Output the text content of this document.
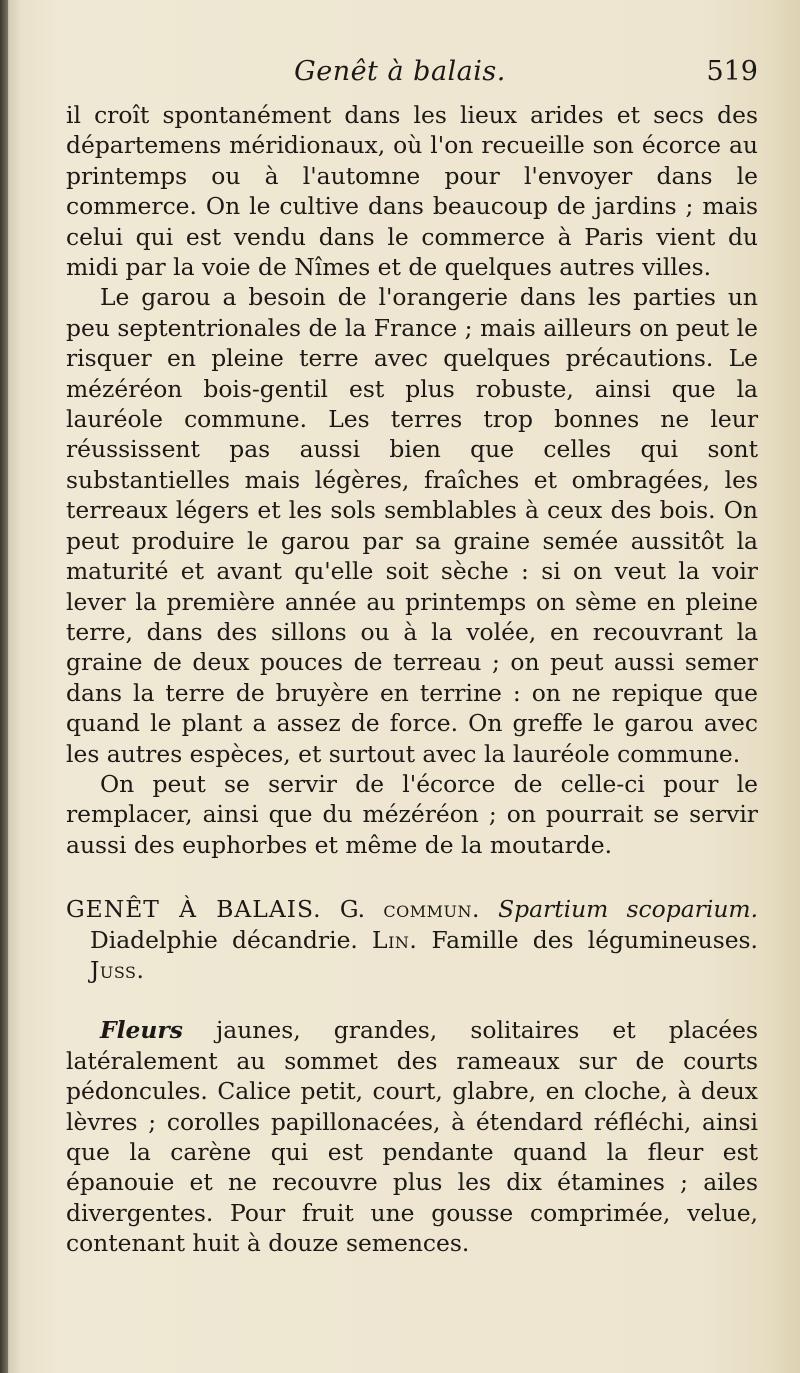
Genêt à balais.	519

il croît spontanément dans les lieux arides et secs des départemens méridionaux, où l'on recueille son écorce au printemps ou à l'automne pour l'envoyer dans le commerce. On le cultive dans beaucoup de jardins ; mais celui qui est vendu dans le commerce à Paris vient du midi par la voie de Nîmes et de quelques autres villes.

Le garou a besoin de l'orangerie dans les parties un peu septentrionales de la France ; mais ailleurs on peut le risquer en pleine terre avec quelques précautions. Le mézéréon bois-gentil est plus robuste, ainsi que la lauréole commune. Les terres trop bonnes ne leur réussissent pas aussi bien que celles qui sont substantielles mais légères, fraîches et ombragées, les terreaux légers et les sols semblables à ceux des bois. On peut produire le garou par sa graine semée aussitôt la maturité et avant qu'elle soit sèche : si on veut la voir lever la première année au printemps on sème en pleine terre, dans des sillons ou à la volée, en recouvrant la graine de deux pouces de terreau ; on peut aussi semer dans la terre de bruyère en terrine : on ne repique que quand le plant a assez de force. On greffe le garou avec les autres espèces, et surtout avec la lauréole commune.

On peut se servir de l'écorce de celle-ci pour le remplacer, ainsi que du mézéréon ; on pourrait se servir aussi des euphorbes et même de la moutarde.

GENÊT À BALAIS. G. commun. Spartium scoparium. Diadelphie décandrie. Lin. Famille des légumineuses. Juss.

Fleurs jaunes, grandes, solitaires et placées latéralement au sommet des rameaux sur de courts pédoncules. Calice petit, court, glabre, en cloche, à deux lèvres ; corolles papillonacées, à étendard réfléchi, ainsi que la carène qui est pendante quand la fleur est épanouie et ne recouvre plus les dix étamines ; ailes divergentes. Pour fruit une gousse comprimée, velue, contenant huit à douze semences.
